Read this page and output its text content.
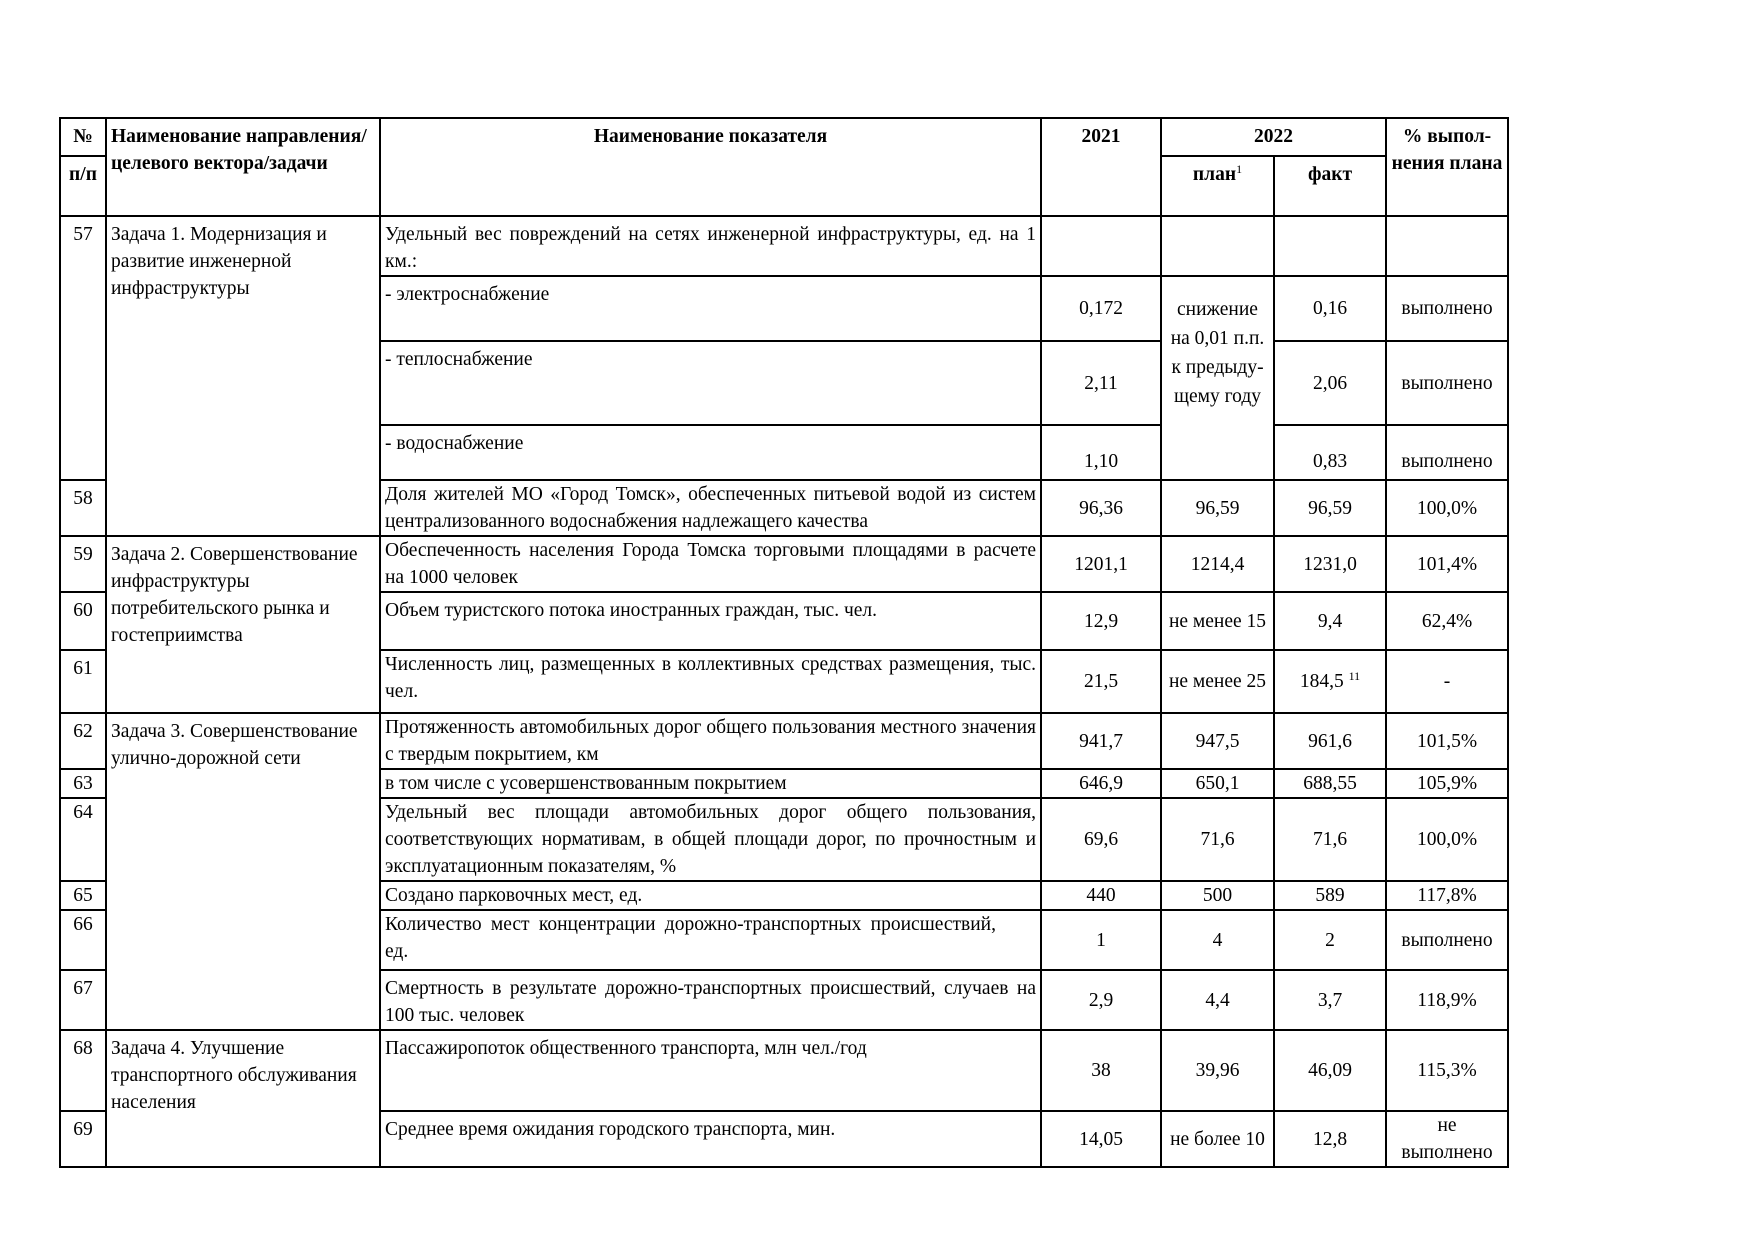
№	Наименование направления/целевого вектора/задачи	Наименование показателя	2021	2022		% выпол-нения плана
п/п				план$^1$	факт	
57	Задача 1. Модернизация и развитие инженерной инфраструктуры	Удельный вес повреждений на сетях инженерной инфраструктуры, ед. на 1 км.:				
		- электроснабжение	0,172	снижение на 0,01 п.п. к предыду-щему году	0,16	выполнено
		- теплоснабжение	2,11		2,06	выполнено
		- водоснабжение	1,10		0,83	выполнено
58		Доля жителей МО «Город Томск», обеспеченных питьевой водой из систем централизованного водоснабжения надлежащего качества	96,36	96,59	96,59	100,0%
59	Задача 2. Совершенствование инфраструктуры потребительского рынка и гостеприимства	Обеспеченность населения Города Томска торговыми площадями в расчете на 1000 человек	1201,1	1214,4	1231,0	101,4%
60		Объем туристского потока иностранных граждан, тыс. чел.	12,9	не менее 15	9,4	62,4%
61		Численность лиц, размещенных в коллективных средствах размещения, тыс. чел.	21,5	не менее 25	184,5 $^{11}$	-
62	Задача 3. Совершенствование улично-дорожной сети	Протяженность автомобильных дорог общего пользования местного значения с твердым покрытием, км	941,7	947,5	961,6	101,5%
63		в том числе с усовершенствованным покрытием	646,9	650,1	688,55	105,9%
64		Удельный вес площади автомобильных дорог общего пользования, соответствующих нормативам, в общей площади дорог, по прочностным и эксплуатационным показателям, %	69,6	71,6	71,6	100,0%
65		Создано парковочных мест, ед.	440	500	589	117,8%
66		Количество мест концентрации дорожно-транспортных происшествий, ед.	1	4	2	выполнено
67		Смертность в результате дорожно-транспортных происшествий, случаев на 100 тыс. человек	2,9	4,4	3,7	118,9%
68	Задача 4. Улучшение транспортного обслуживания населения	Пассажиропоток общественного транспорта, млн чел./год	38	39,96	46,09	115,3%
69		Среднее время ожидания городского транспорта, мин.	14,05	не более 10	12,8	не выполнено
